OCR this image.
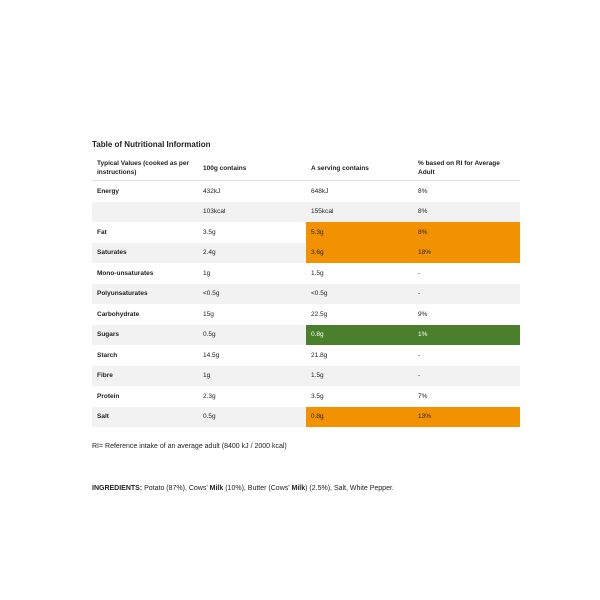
Table of Nutritional Information
Typical Values (cooked as per instructions)	100g contains	A serving contains	% based on RI for Average Adult
Energy	432kJ	648kJ	8%
	103kcal	155kcal	8%
Fat	3.5g	5.3g	8%
Saturates	2.4g	3.6g	18%
Mono-unsaturates	1g	1.5g	-
Polyunsaturates	<0.5g	<0.5g	-
Carbohydrate	15g	22.5g	9%
Sugars	0.5g	0.8g	1%
Starch	14.5g	21.8g	-
Fibre	1g	1.5g	-
Protein	2.3g	3.5g	7%
Salt	0.5g	0.8g	13%
RI= Reference intake of an average adult (8400 kJ / 2000 kcal)
INGREDIENTS: Potato (87%), Cows' Milk (10%), Butter (Cows' Milk) (2.5%), Salt, White Pepper.
